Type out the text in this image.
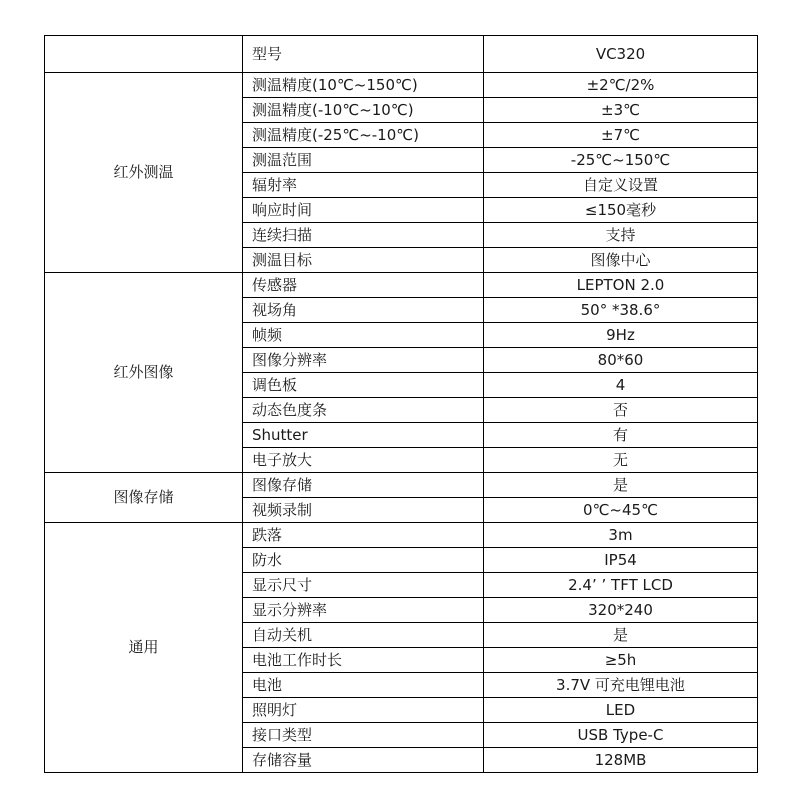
	型号	VC320
红外测温	测温精度(10℃~150℃)	±2℃/2%
	测温精度(-10℃~10℃)	±3℃
	测温精度(-25℃~-10℃)	±7℃
	测温范围	-25℃~150℃
	辐射率	自定义设置
	响应时间	≤150毫秒
	连续扫描	支持
	测温目标	图像中心
红外图像	传感器	LEPTON 2.0
	视场角	50° *38.6°
	帧频	9Hz
	图像分辨率	80*60
	调色板	4
	动态色度条	否
	Shutter	有
	电子放大	无
图像存储	图像存储	是
	视频录制	0℃~45℃
通用	跌落	3m
	防水	IP54
	显示尺寸	2.4’ ’ TFT LCD
	显示分辨率	320*240
	自动关机	是
	电池工作时长	≥5h
	电池	3.7V 可充电锂电池
	照明灯	LED
	接口类型	USB Type-C
	存储容量	128MB
